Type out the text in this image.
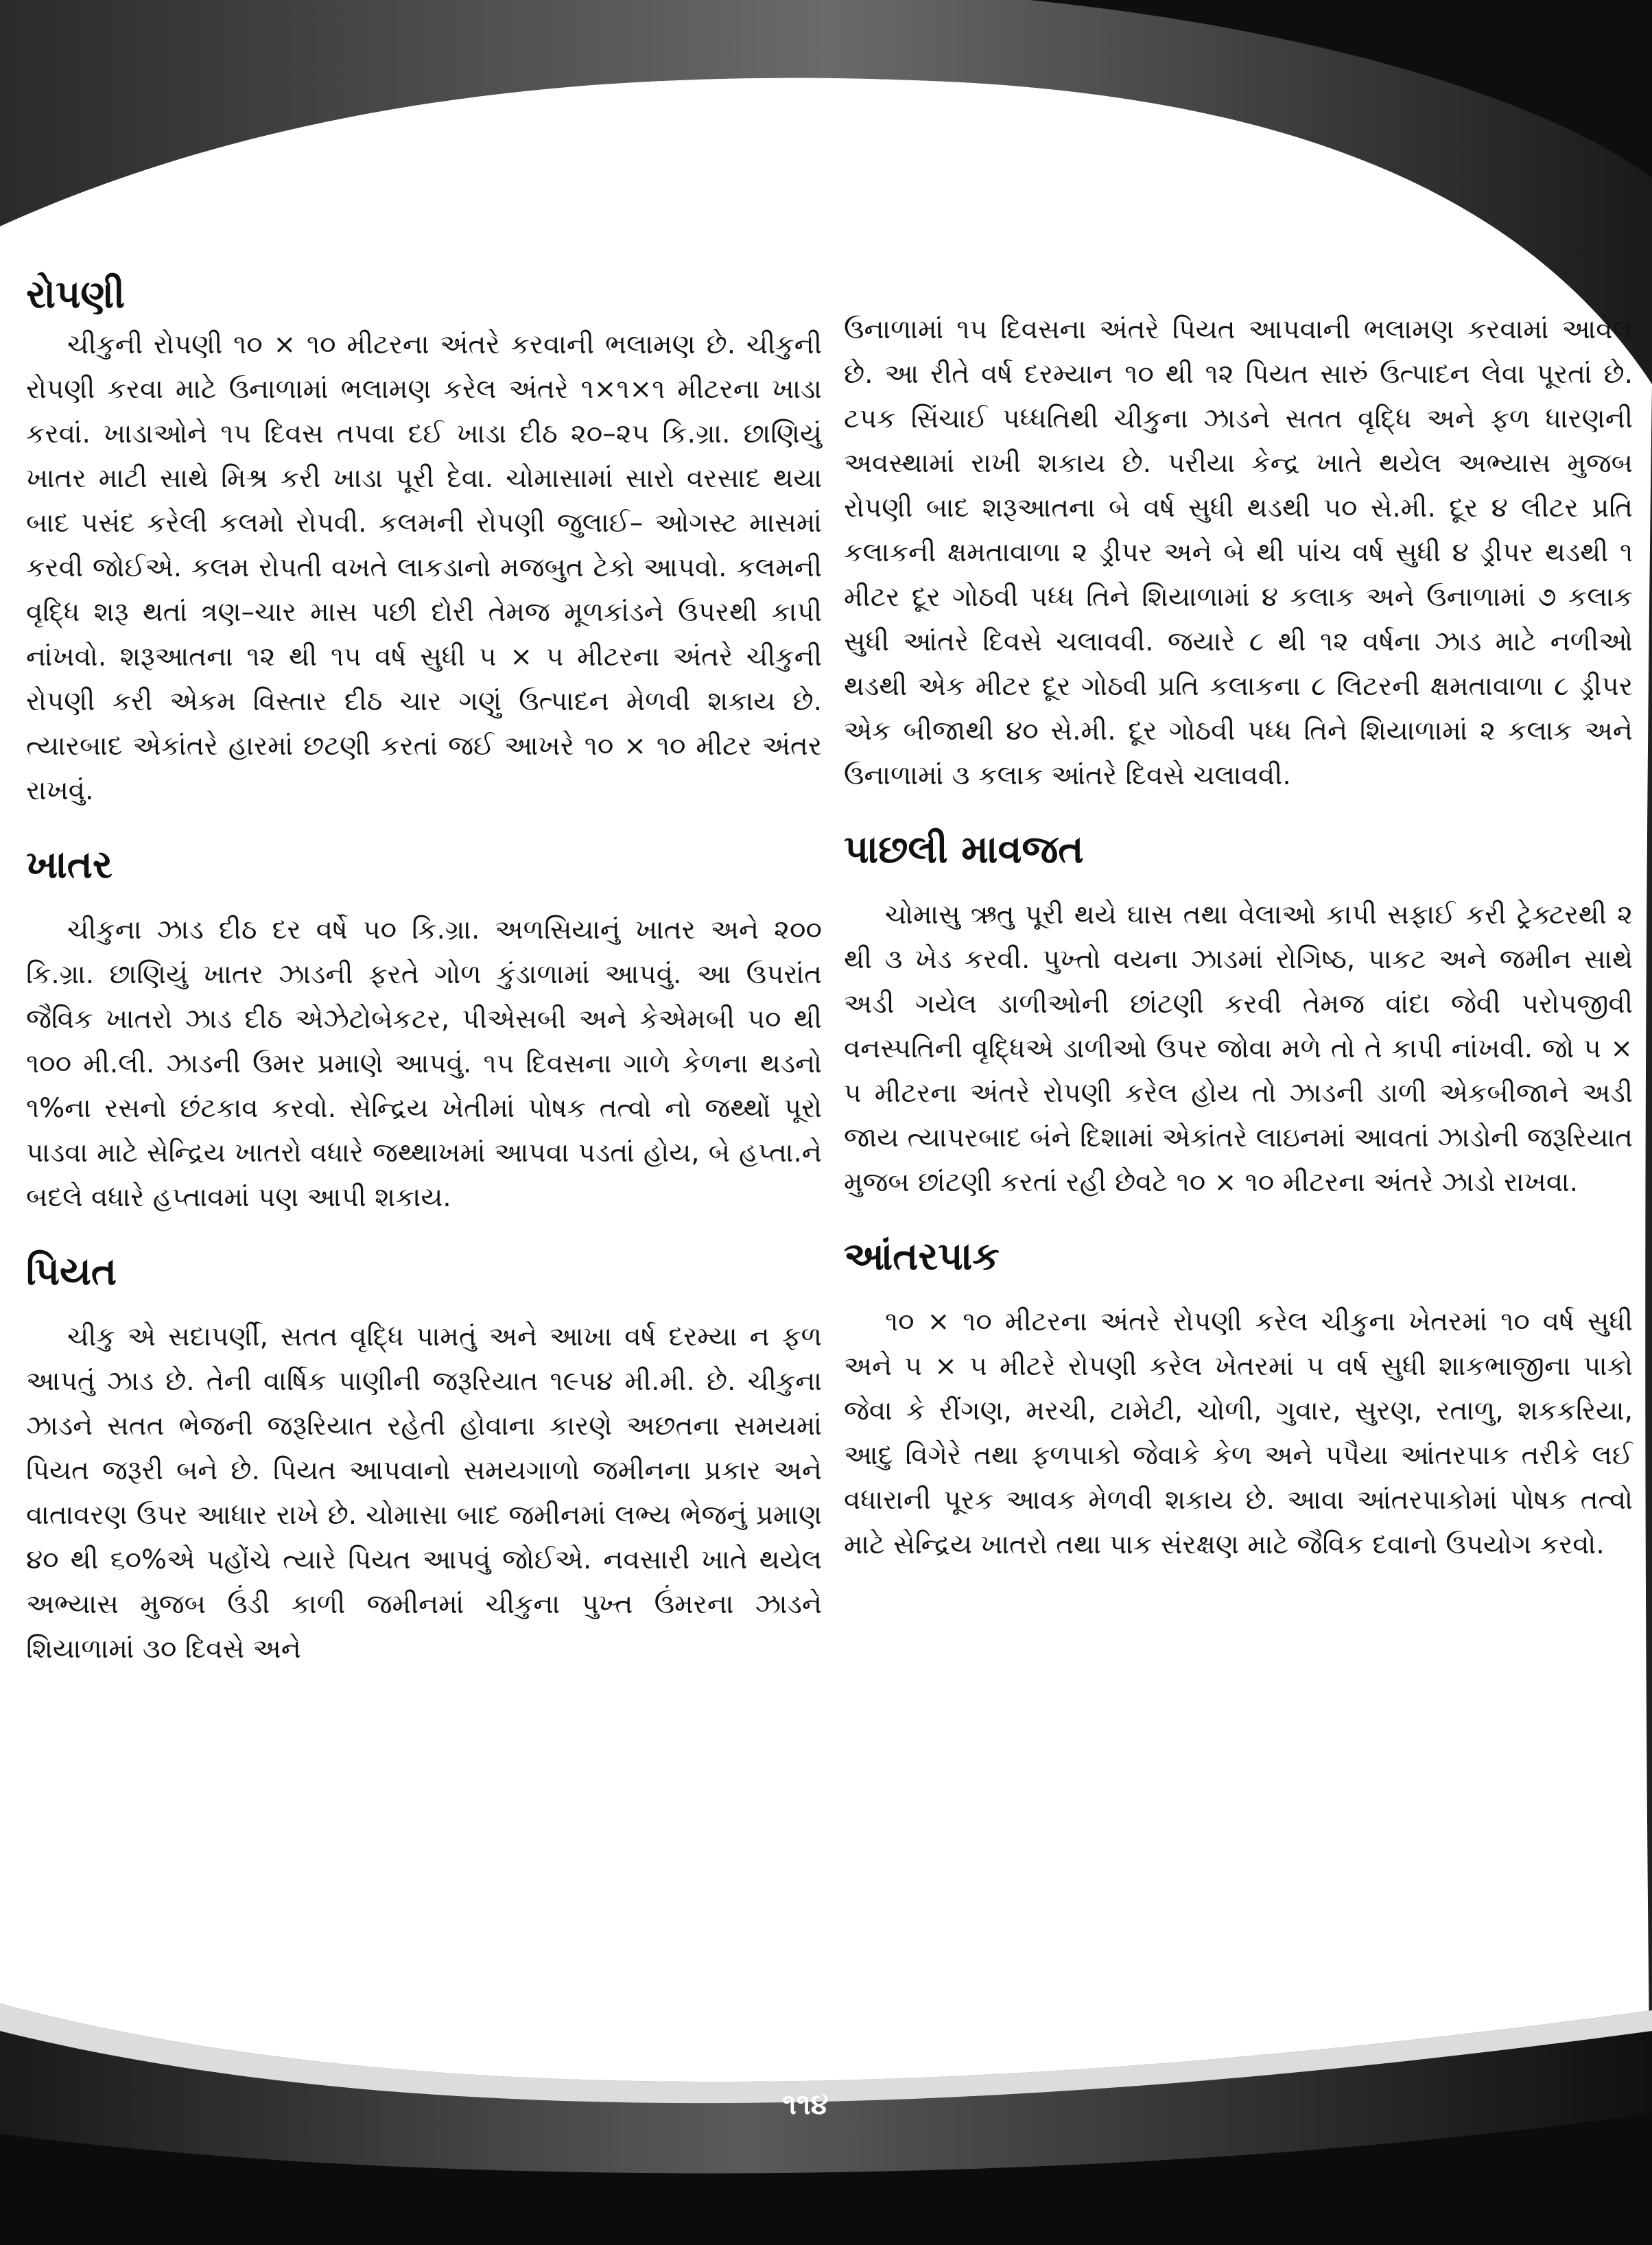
રોપણી

ચીકુની રોપણી ૧૦ × ૧૦ મીટરના અંતરે કરવાની ભલામણ છે. ચીકુની રોપણી કરવા માટે ઉનાળામાં ભલામણ કરેલ અંતરે ૧×૧×૧ મીટરના ખાડા કરવાં. ખાડાઓને ૧૫ દિવસ તપવા દઈ ખાડા દીઠ ૨૦–૨૫ કિ.ગ્રા. છાણિયું ખાતર માટી સાથે મિશ્ર કરી ખાડા પૂરી દેવા. ચોમાસામાં સારો વરસાદ થયા બાદ પસંદ કરેલી કલમો રોપવી. કલમની રોપણી જુલાઈ– ઓગસ્ટ માસમાં કરવી જોઈએ. કલમ રોપતી વખતે લાકડાનો મજબુત ટેકો આપવો. કલમની વૃદ્ધિ શરૂ થતાં ત્રણ–ચાર માસ પછી દોરી તેમજ મૂળકાંડને ઉપરથી કાપી નાંખવો. શરૂઆતના ૧૨ થી ૧૫ વર્ષ સુધી ૫ × ૫ મીટરના અંતરે ચીકુની રોપણી કરી એકમ વિસ્તાર દીઠ ચાર ગણું ઉત્પાદન મેળવી શકાય છે. ત્યારબાદ એકાંતરે હારમાં છટણી કરતાં જઈ આખરે ૧૦ × ૧૦ મીટર અંતર રાખવું.

ખાતર

ચીકુના ઝાડ દીઠ દર વર્ષે ૫૦ કિ.ગ્રા. અળસિયાનું ખાતર અને ૨૦૦ કિ.ગ્રા. છાણિયું ખાતર ઝાડની ફરતે ગોળ કુંડાળામાં આપવું. આ ઉપરાંત જૈવિક ખાતરો ઝાડ દીઠ એઝેટોબેકટર, પીએસબી અને કેએમબી ૫૦ થી ૧૦૦ મી.લી. ઝાડની ઉમર પ્રમાણે આપવું. ૧૫ દિવસના ગાળે કેળના થડનો ૧%ના રસનો છંટકાવ કરવો. સેન્દ્રિય ખેતીમાં પોષક તત્વો નો જથ્થોં પૂરો પાડવા માટે સેન્દ્રિય ખાતરો વધારે જથ્થાખમાં આપવા પડતાં હોય, બે હપ્તા.ને બદલે વધારે હપ્તાવમાં પણ આપી શકાય.

પિયત

ચીકુ એ સદાપર્ણી, સતત વૃદ્ધિ પામતું અને આખા વર્ષ દરમ્યા ન ફળ આપતું ઝાડ છે. તેની વાર્ષિક પાણીની જરૂરિયાત ૧૯૫૪ મી.મી. છે. ચીકુના ઝાડને સતત ભેજની જરૂરિયાત રહેતી હોવાના કારણે અછતના સમયમાં પિયત જરૂરી બને છે. પિયત આપવાનો સમયગાળો જમીનના પ્રકાર અને વાતાવરણ ઉપર આધાર રાખે છે. ચોમાસા બાદ જમીનમાં લભ્ય ભેજનું પ્રમાણ ૪૦ થી ૬૦%એ પહોંચે ત્યારે પિયત આપવું જોઈએ. નવસારી ખાતે થયેલ અભ્યાસ મુજબ ઉંડી કાળી જમીનમાં ચીકુના પુખ્ત ઉંમરના ઝાડને શિયાળામાં ૩૦ દિવસે અને

ઉનાળામાં ૧૫ દિવસના અંતરે પિયત આપવાની ભલામણ કરવામાં આવેલ છે. આ રીતે વર્ષ દરમ્યાન ૧૦ થી ૧૨ પિયત સારું ઉત્પાદન લેવા પૂરતાં છે. ટપક સિંચાઈ પધ્ધતિથી ચીકુના ઝાડને સતત વૃદ્ધિ અને ફળ ધારણની અવસ્થામાં રાખી શકાય છે. પરીયા કેન્દ્ર ખાતે થયેલ અભ્યાસ મુજબ રોપણી બાદ શરૂઆતના બે વર્ષ સુધી થડથી ૫૦ સે.મી. દૂર ૪ લીટર પ્રતિ કલાકની ક્ષમતાવાળા ૨ ડ્રીપર અને બે થી પાંચ વર્ષ સુધી ૪ ડ્રીપર થડથી ૧ મીટર દૂર ગોઠવી પધ્ધ તિને શિયાળામાં ૪ કલાક અને ઉનાળામાં ૭ કલાક સુધી આંતરે દિવસે ચલાવવી. જયારે ૮ થી ૧૨ વર્ષના ઝાડ માટે નળીઓ થડથી એક મીટર દૂર ગોઠવી પ્રતિ કલાકના ૮ લિટરની ક્ષમતાવાળા ૮ ડ્રીપર એક બીજાથી ૪૦ સે.મી. દૂર ગોઠવી પધ્ધ તિને શિયાળામાં ૨ કલાક અને ઉનાળામાં ૩ કલાક આંતરે દિવસે ચલાવવી.

પાછલી માવજત

ચોમાસુ ઋતુ પૂરી થયે ઘાસ તથા વેલાઓ કાપી સફાઈ કરી ટ્રેક્ટરથી ૨ થી ૩ ખેડ કરવી. પુખ્તો વયના ઝાડમાં રોગિષ્ઠ, પાકટ અને જમીન સાથે અડી ગયેલ ડાળીઓની છાંટણી કરવી તેમજ વાંદા જેવી પરોપજીવી વનસ્પતિની વૃદ્ધિએ ડાળીઓ ઉપર જોવા મળે તો તે કાપી નાંખવી. જો ૫ × ૫ મીટરના અંતરે રોપણી કરેલ હોય તો ઝાડની ડાળી એકબીજાને અડી જાય ત્યાપરબાદ બંને દિશામાં એકાંતરે લાઇનમાં આવતાં ઝાડોની જરૂરિયાત મુજબ છાંટણી કરતાં રહી છેવટે ૧૦ × ૧૦ મીટરના અંતરે ઝાડો રાખવા.

આંતરપાક

૧૦ × ૧૦ મીટરના અંતરે રોપણી કરેલ ચીકુના ખેતરમાં ૧૦ વર્ષ સુધી અને ૫ × ૫ મીટરે રોપણી કરેલ ખેતરમાં ૫ વર્ષ સુધી શાકભાજીના પાકો જેવા કે રીંગણ, મરચી, ટામેટી, ચોળી, ગુવાર, સુરણ, રતાળુ, શકકરિયા, આદુ વિગેરે તથા ફળપાકો જેવાકે કેળ અને પપૈયા આંતરપાક તરીકે લઈ વધારાની પૂરક આવક મેળવી શકાય છે. આવા આંતરપાકોમાં પોષક તત્વો માટે સેન્દ્રિય ખાતરો તથા પાક સંરક્ષણ માટે જૈવિક દવાનો ઉપયોગ કરવો.

૧૧૪
